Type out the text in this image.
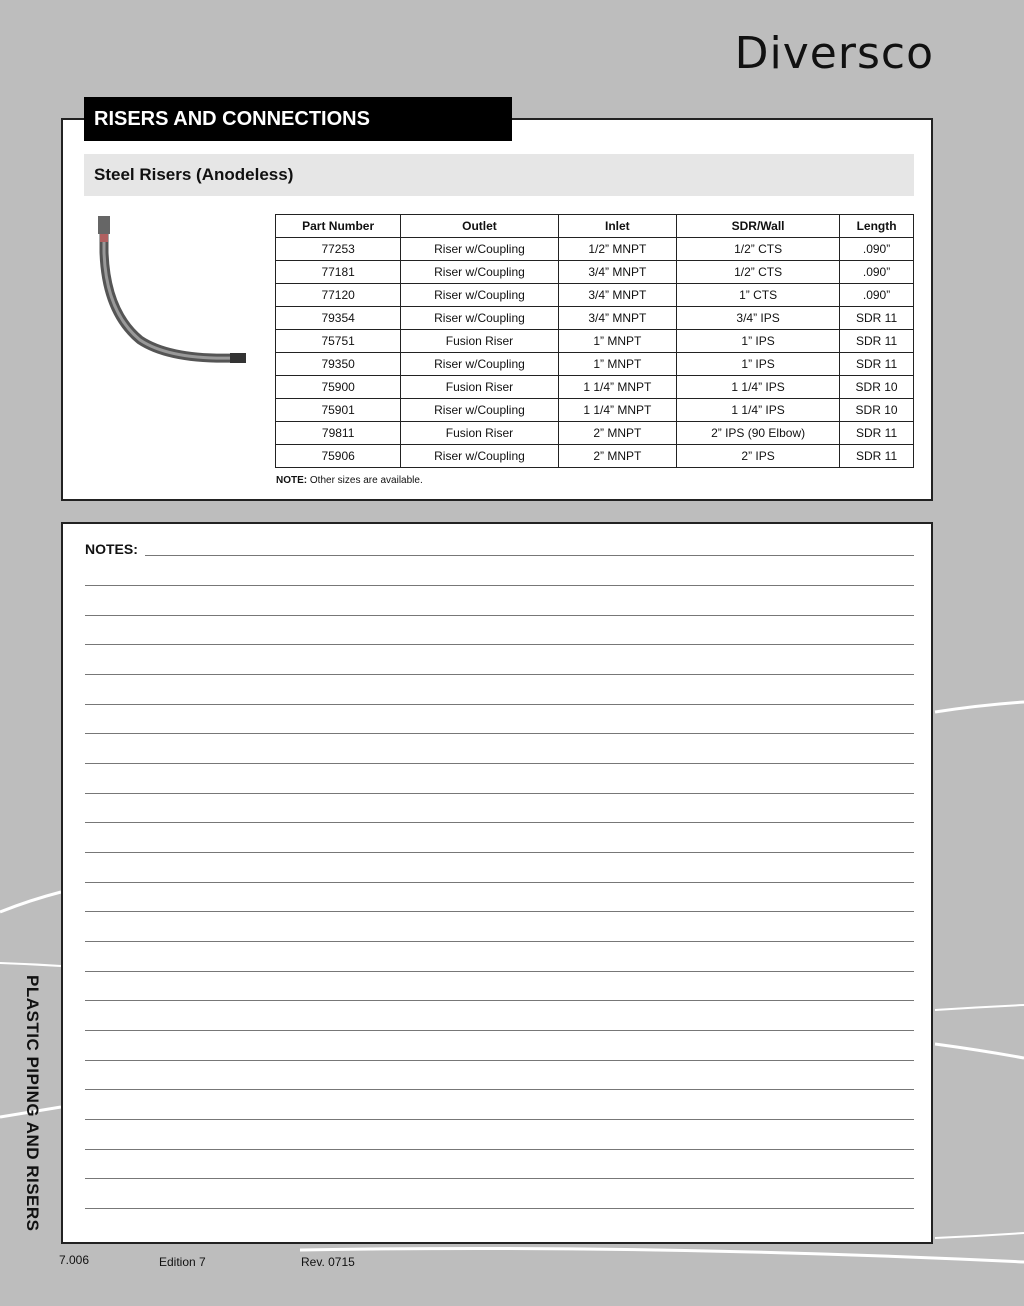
Diversco
RISERS AND CONNECTIONS
Steel Risers (Anodeless)
Part Number	Outlet	Inlet	SDR/Wall	Length
77253	Riser w/Coupling	1/2” MNPT	1/2” CTS	.090”
77181	Riser w/Coupling	3/4” MNPT	1/2” CTS	.090”
77120	Riser w/Coupling	3/4” MNPT	1” CTS	.090”
79354	Riser w/Coupling	3/4” MNPT	3/4” IPS	SDR 11
75751	Fusion Riser	1” MNPT	1” IPS	SDR 11
79350	Riser w/Coupling	1” MNPT	1” IPS	SDR 11
75900	Fusion Riser	1 1/4” MNPT	1 1/4” IPS	SDR 10
75901	Riser w/Coupling	1 1/4” MNPT	1 1/4” IPS	SDR 10
79811	Fusion Riser	2” MNPT	2” IPS (90 Elbow)	SDR 11
75906	Riser w/Coupling	2” MNPT	2” IPS	SDR 11
NOTE: Other sizes are available.
NOTES:
PLASTIC PIPING AND RISERS
7.006	Edition 7	Rev. 0715
